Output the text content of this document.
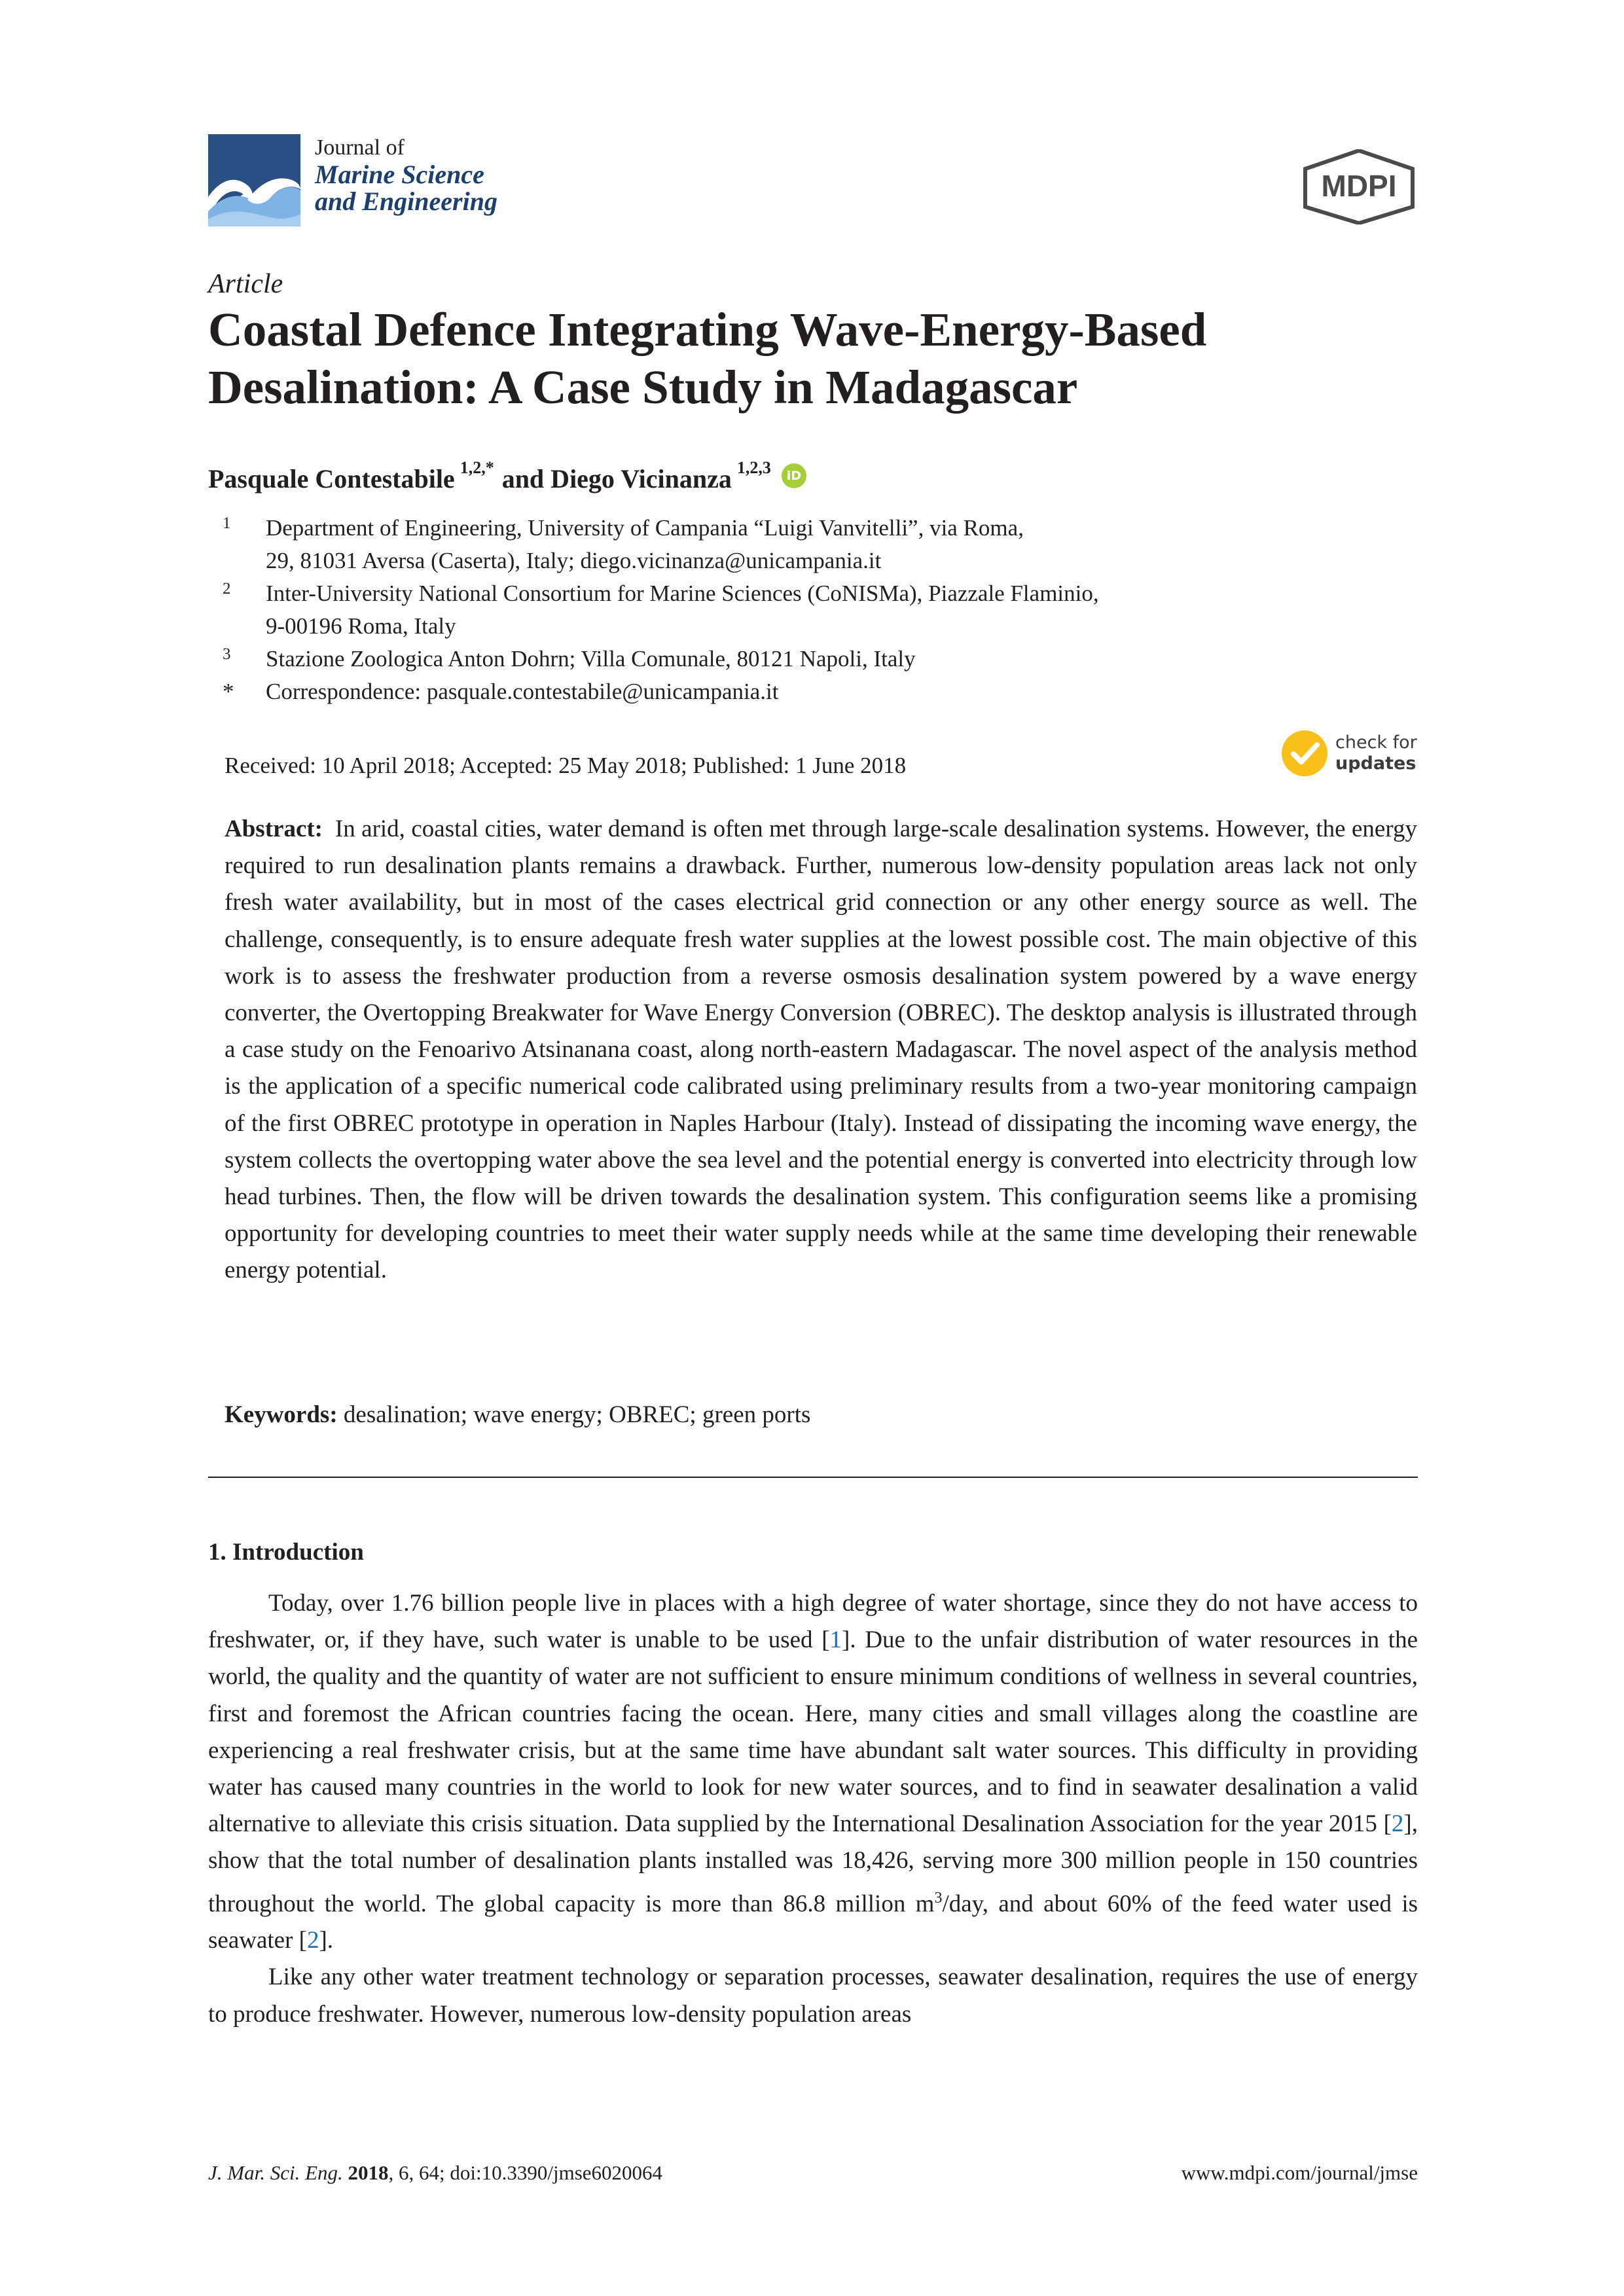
Journal of
Marine Science
and Engineering	MDPI
Article
Coastal Defence Integrating Wave-Energy-Based
Desalination: A Case Study in Madagascar
Pasquale Contestabile $^{1,2,*}$ and Diego Vicinanza $^{1,2,3}$	iD
1	Department of Engineering, University of Campania “Luigi Vanvitelli”, via Roma,
29, 81031 Aversa (Caserta), Italy; diego.vicinanza@unicampania.it
2	Inter-University National Consortium for Marine Sciences (CoNISMa), Piazzale Flaminio,
9-00196 Roma, Italy
3	Stazione Zoologica Anton Dohrn; Villa Comunale, 80121 Napoli, Italy
*	Correspondence: pasquale.contestabile@unicampania.it
Received: 10 April 2018; Accepted: 25 May 2018; Published: 1 June 2018
check for
updates
Abstract: In arid, coastal cities, water demand is often met through large-scale desalination systems. However, the energy required to run desalination plants remains a drawback. Further, numerous low-density population areas lack not only fresh water availability, but in most of the cases electrical grid connection or any other energy source as well. The challenge, consequently, is to ensure adequate fresh water supplies at the lowest possible cost. The main objective of this work is to assess the freshwater production from a reverse osmosis desalination system powered by a wave energy converter, the Overtopping Breakwater for Wave Energy Conversion (OBREC). The desktop analysis is illustrated through a case study on the Fenoarivo Atsinanana coast, along north-eastern Madagascar. The novel aspect of the analysis method is the application of a specific numerical code calibrated using preliminary results from a two-year monitoring campaign of the first OBREC prototype in operation in Naples Harbour (Italy). Instead of dissipating the incoming wave energy, the system collects the overtopping water above the sea level and the potential energy is converted into electricity through low head turbines. Then, the flow will be driven towards the desalination system. This configuration seems like a promising opportunity for developing countries to meet their water supply needs while at the same time developing their renewable energy potential.
Keywords: desalination; wave energy; OBREC; green ports
1. Introduction

Today, over 1.76 billion people live in places with a high degree of water shortage, since they do not have access to freshwater, or, if they have, such water is unable to be used [1]. Due to the unfair distribution of water resources in the world, the quality and the quantity of water are not sufficient to ensure minimum conditions of wellness in several countries, first and foremost the African countries facing the ocean. Here, many cities and small villages along the coastline are experiencing a real freshwater crisis, but at the same time have abundant salt water sources. This difficulty in providing water has caused many countries in the world to look for new water sources, and to find in seawater desalination a valid alternative to alleviate this crisis situation. Data supplied by the International Desalination Association for the year 2015 [2], show that the total number of desalination plants installed was 18,426, serving more 300 million people in 150 countries throughout the world. The global capacity is more than 86.8 million $m^3$/day, and about 60% of the feed water used is seawater [2].

Like any other water treatment technology or separation processes, seawater desalination, requires the use of energy to produce freshwater. However, numerous low-density population areas

J. Mar. Sci. Eng. 2018, 6, 64; doi:10.3390/jmse6020064	www.mdpi.com/journal/jmse
